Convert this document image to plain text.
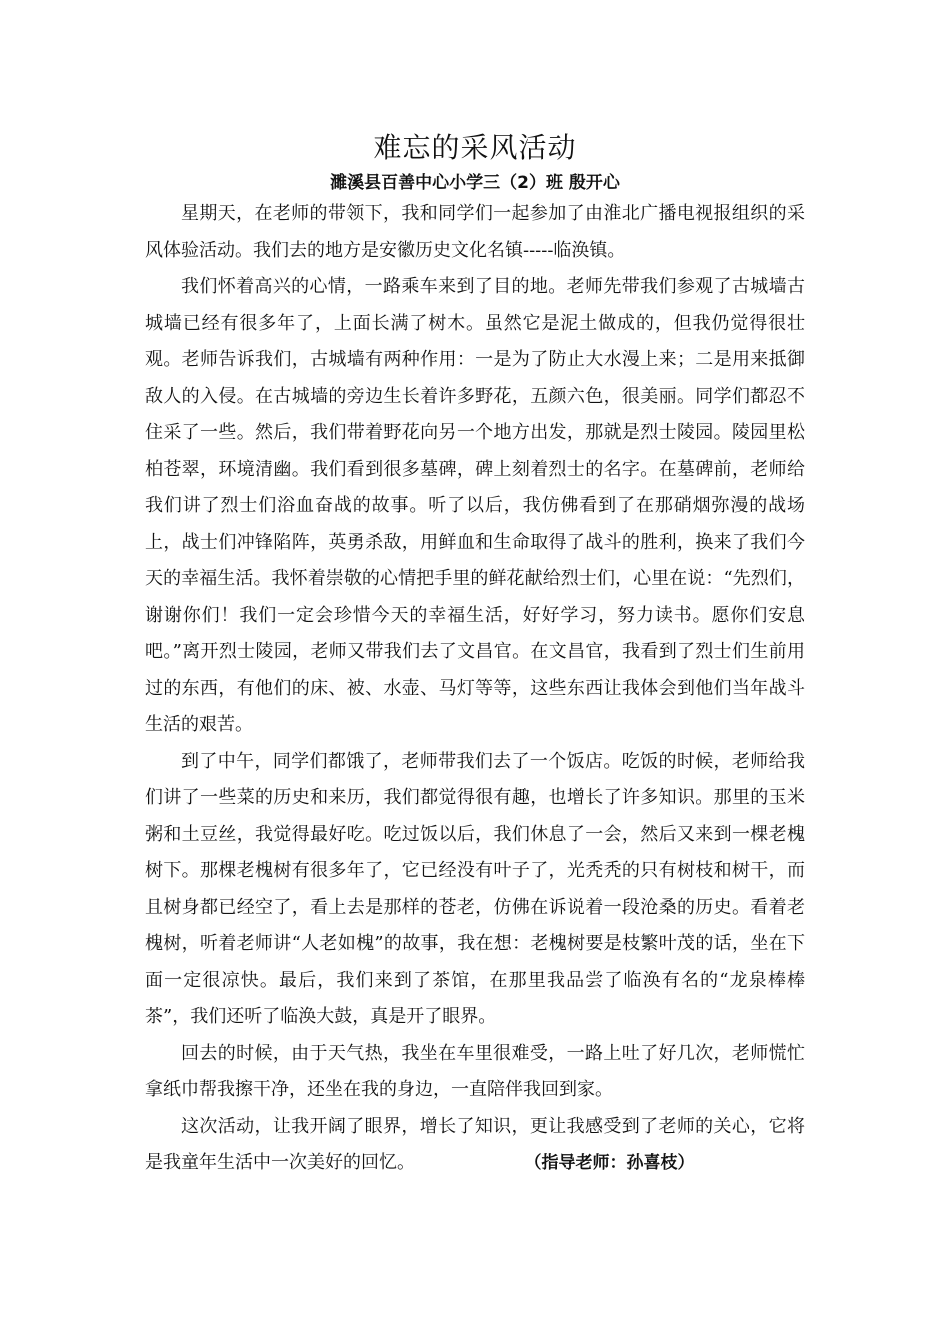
难忘的采风活动
濉溪县百善中心小学三（2）班 殷开心

星期天，在老师的带领下，我和同学们一起参加了由淮北广播电视报组织的采风体验活动。我们去的地方是安徽历史文化名镇-----临涣镇。

我们怀着高兴的心情，一路乘车来到了目的地。老师先带我们参观了古城墙古城墙已经有很多年了，上面长满了树木。虽然它是泥土做成的，但我仍觉得很壮观。老师告诉我们，古城墙有两种作用：一是为了防止大水漫上来；二是用来抵御敌人的入侵。在古城墙的旁边生长着许多野花，五颜六色，很美丽。同学们都忍不住采了一些。然后，我们带着野花向另一个地方出发，那就是烈士陵园。陵园里松柏苍翠，环境清幽。我们看到很多墓碑，碑上刻着烈士的名字。在墓碑前，老师给我们讲了烈士们浴血奋战的故事。听了以后，我仿佛看到了在那硝烟弥漫的战场上，战士们冲锋陷阵，英勇杀敌，用鲜血和生命取得了战斗的胜利，换来了我们今天的幸福生活。我怀着崇敬的心情把手里的鲜花献给烈士们，心里在说：“先烈们，谢谢你们！我们一定会珍惜今天的幸福生活，好好学习，努力读书。愿你们安息吧。”离开烈士陵园，老师又带我们去了文昌官。在文昌官，我看到了烈士们生前用过的东西，有他们的床、被、水壶、马灯等等，这些东西让我体会到他们当年战斗生活的艰苦。

到了中午，同学们都饿了，老师带我们去了一个饭店。吃饭的时候，老师给我们讲了一些菜的历史和来历，我们都觉得很有趣，也增长了许多知识。那里的玉米粥和土豆丝，我觉得最好吃。吃过饭以后，我们休息了一会，然后又来到一棵老槐树下。那棵老槐树有很多年了，它已经没有叶子了，光秃秃的只有树枝和树干，而且树身都已经空了，看上去是那样的苍老，仿佛在诉说着一段沧桑的历史。看着老槐树，听着老师讲“人老如槐”的故事，我在想：老槐树要是枝繁叶茂的话，坐在下面一定很凉快。最后，我们来到了茶馆，在那里我品尝了临涣有名的“龙泉棒棒茶”，我们还听了临涣大鼓，真是开了眼界。

回去的时候，由于天气热，我坐在车里很难受，一路上吐了好几次，老师慌忙拿纸巾帮我擦干净，还坐在我的身边，一直陪伴我回到家。

这次活动，让我开阔了眼界，增长了知识，更让我感受到了老师的关心，它将是我童年生活中一次美好的回忆。	（指导老师：孙喜枝）
